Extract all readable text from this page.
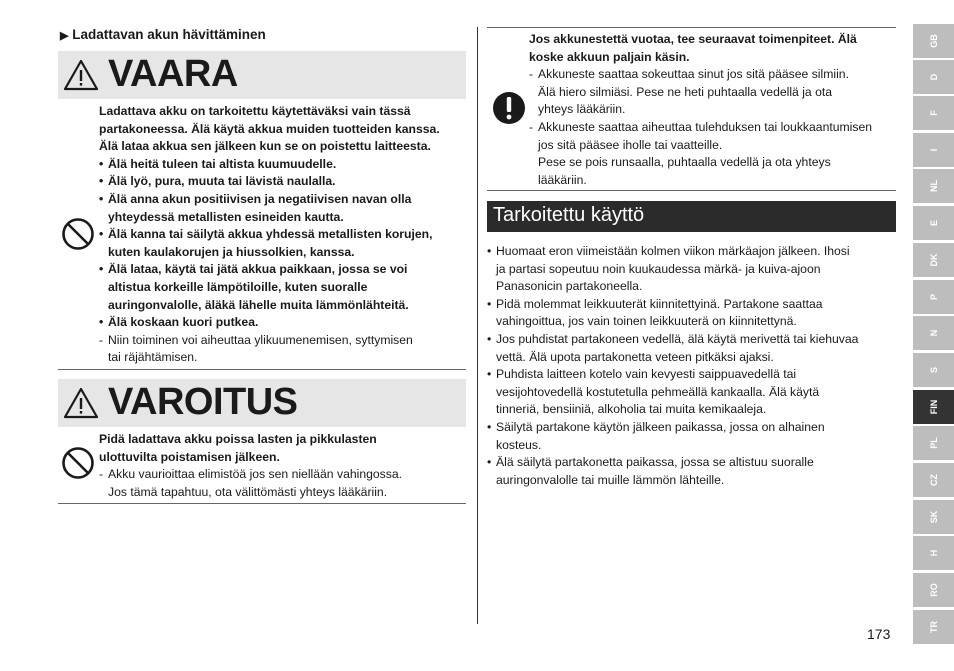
▶ Ladattavan akun hävittäminen
VAARA
Ladattava akku on tarkoitettu käytettäväksi vain tässä
partakoneessa. Älä käytä akkua muiden tuotteiden kanssa.
Älä lataa akkua sen jälkeen kun se on poistettu laitteesta.
• Älä heitä tuleen tai altista kuumuudelle.
• Älä lyö, pura, muuta tai lävistä naulalla.
• Älä anna akun positiivisen ja negatiivisen navan olla
yhteydessä metallisten esineiden kautta.
• Älä kanna tai säilytä akkua yhdessä metallisten korujen,
kuten kaulakorujen ja hiussolkien, kanssa.
• Älä lataa, käytä tai jätä akkua paikkaan, jossa se voi
altistua korkeille lämpötiloille, kuten suoralle
auringonvalolle, äläkä lähelle muita lämmönlähteitä.
• Älä koskaan kuori putkea.
- Niin toiminen voi aiheuttaa ylikuumenemisen, syttymisen
tai räjähtämisen.
VAROITUS
Pidä ladattava akku poissa lasten ja pikkulasten
ulottuvilta poistamisen jälkeen.
- Akku vaurioittaa elimistöä jos sen niellään vahingossa.
Jos tämä tapahtuu, ota välittömästi yhteys lääkäriin.
Jos akkunestettä vuotaa, tee seuraavat toimenpiteet. Älä
koske akkuun paljain käsin.
- Akkuneste saattaa sokeuttaa sinut jos sitä pääsee silmiin.
Älä hiero silmiäsi. Pese ne heti puhtaalla vedellä ja ota
yhteys lääkäriin.
- Akkuneste saattaa aiheuttaa tulehduksen tai loukkaantumisen
jos sitä pääsee iholle tai vaatteille.
Pese se pois runsaalla, puhtaalla vedellä ja ota yhteys
lääkäriin.
Tarkoitettu käyttö
• Huomaat eron viimeistään kolmen viikon märkäajon jälkeen. Ihosi
ja partasi sopeutuu noin kuukaudessa märkä- ja kuiva-ajoon
Panasonicin partakoneella.
• Pidä molemmat leikkuuterät kiinnitettyinä. Partakone saattaa
vahingoittua, jos vain toinen leikkuuterä on kiinnitettynä.
• Jos puhdistat partakoneen vedellä, älä käytä merivettä tai kiehuvaa
vettä. Älä upota partakonetta veteen pitkäksi ajaksi.
• Puhdista laitteen kotelo vain kevyesti saippuavedellä tai
vesijohtovedellä kostutetulla pehmeällä kankaalla. Älä käytä
tinneriä, bensiiniä, alkoholia tai muita kemikaaleja.
• Säilytä partakone käytön jälkeen paikassa, jossa on alhainen
kosteus.
• Älä säilytä partakonetta paikassa, jossa se altistuu suoralle
auringonvalolle tai muille lämmön lähteille.
173
GB
D
F
I
NL
E
DK
P
N
S
FIN
PL
CZ
SK
H
RO
TR
